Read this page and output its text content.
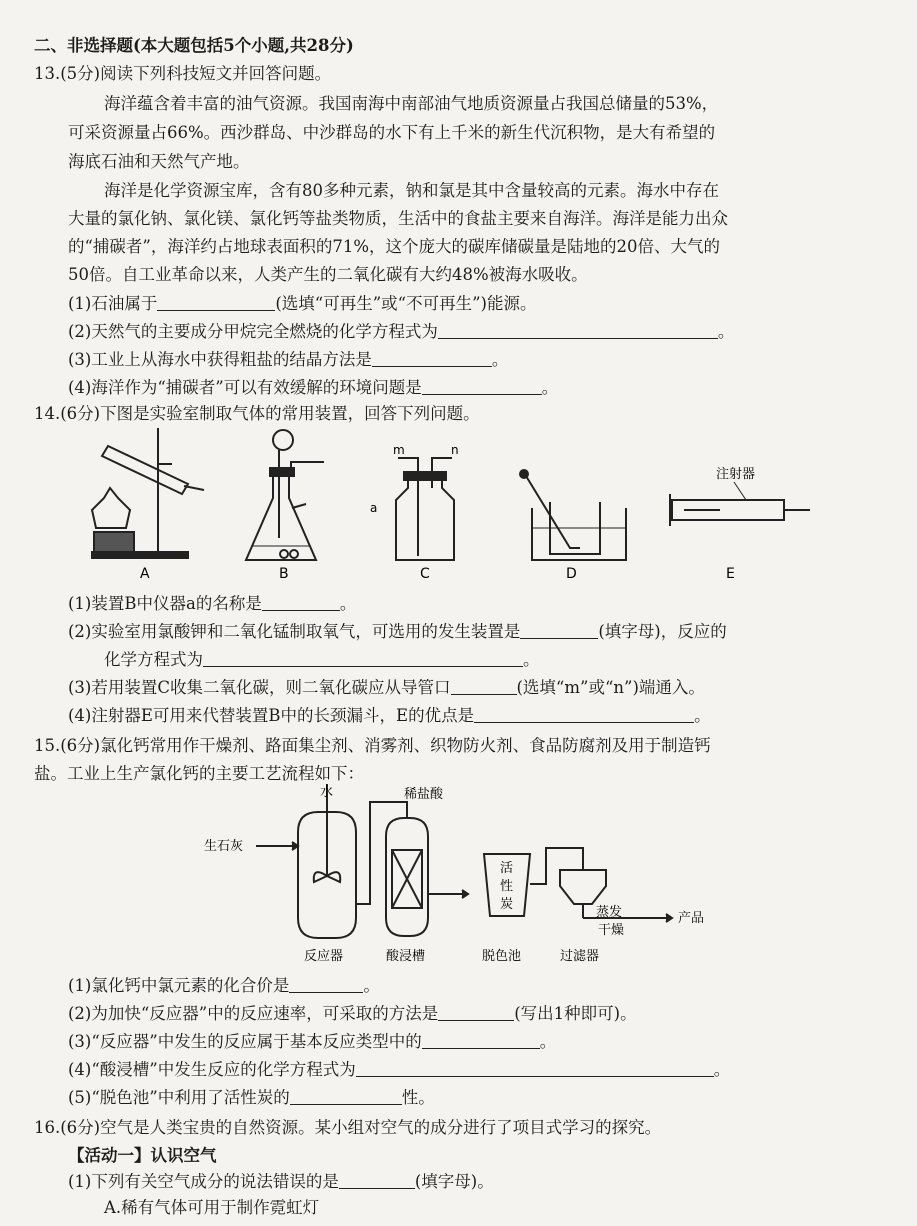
二、非选择题(本大题包括5个小题,共28分)
13.(5分)阅读下列科技短文并回答问题。
海洋蕴含着丰富的油气资源。我国南海中南部油气地质资源量占我国总储量的53%，
可采资源量占66%。西沙群岛、中沙群岛的水下有上千米的新生代沉积物，是大有希望的
海底石油和天然气产地。
海洋是化学资源宝库，含有80多种元素，钠和氯是其中含量较高的元素。海水中存在
大量的氯化钠、氯化镁、氯化钙等盐类物质，生活中的食盐主要来自海洋。海洋是能力出众
的“捕碳者”，海洋约占地球表面积的71%，这个庞大的碳库储碳量是陆地的20倍、大气的
50倍。自工业革命以来，人类产生的二氧化碳有大约48%被海水吸收。
(1)石油属于	(选填“可再生”或“不可再生”)能源。
(2)天然气的主要成分甲烷完全燃烧的化学方程式为	。
(3)工业上从海水中获得粗盐的结晶方法是	。
(4)海洋作为“捕碳者”可以有效缓解的环境问题是	。
14.(6分)下图是实验室制取气体的常用装置，回答下列问题。
a
m	n
注射器
A	B	C	D	E
(1)装置B中仪器a的名称是	。
(2)实验室用氯酸钾和二氧化锰制取氧气，可选用的发生装置是	(填字母)，反应的
化学方程式为	。
(3)若用装置C收集二氧化碳，则二氧化碳应从导管口	(选填“m”或“n”)端通入。
(4)注射器E可用来代替装置B中的长颈漏斗，E的优点是	。
15.(6分)氯化钙常用作干燥剂、路面集尘剂、消雾剂、织物防火剂、食品防腐剂及用于制造钙
盐。工业上生产氯化钙的主要工艺流程如下：
水	稀盐酸
生石灰
活
性
炭
蒸发
干燥
产品
反应器	酸浸槽	脱色池	过滤器
(1)氯化钙中氯元素的化合价是	。
(2)为加快“反应器”中的反应速率，可采取的方法是	(写出1种即可)。
(3)“反应器”中发生的反应属于基本反应类型中的	。
(4)“酸浸槽”中发生反应的化学方程式为	。
(5)“脱色池”中利用了活性炭的	性。
16.(6分)空气是人类宝贵的自然资源。某小组对空气的成分进行了项目式学习的探究。
【活动一】认识空气
(1)下列有关空气成分的说法错误的是	(填字母)。
A.稀有气体可用于制作霓虹灯
